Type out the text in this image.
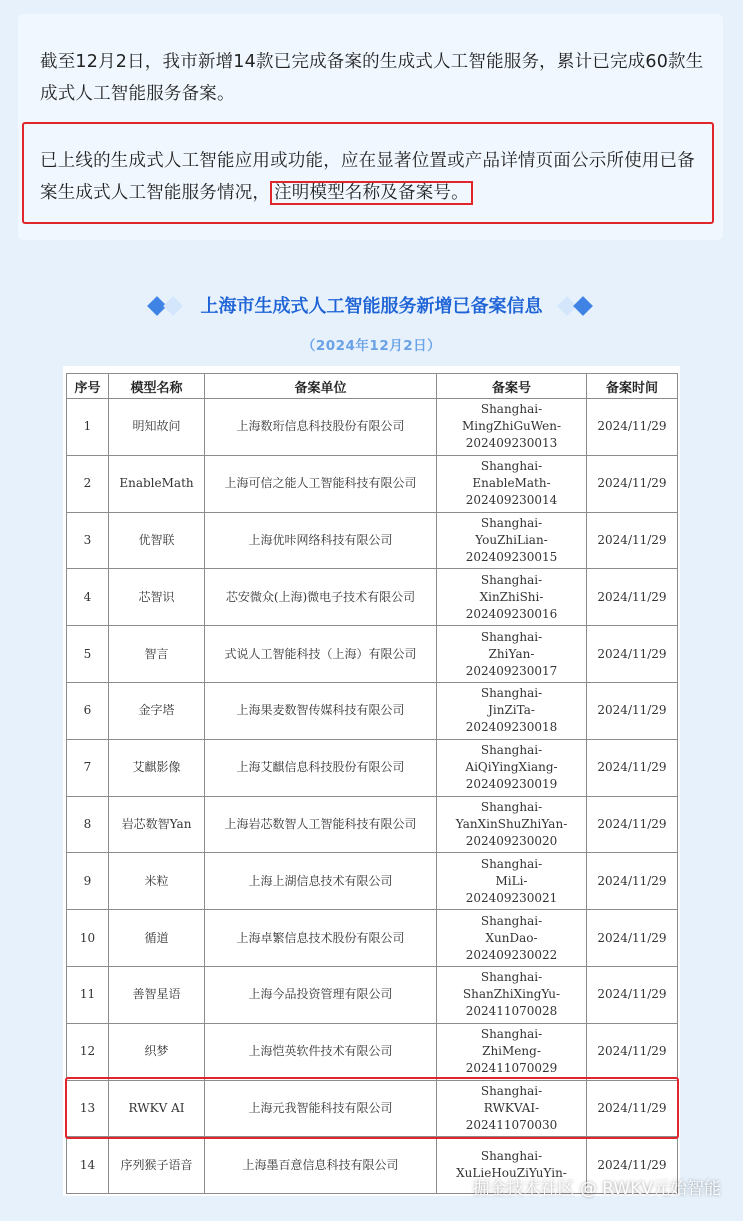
截至12月2日，我市新增14款已完成备案的生成式人工智能服务，累计已完成60款生成式人工智能服务备案。
已上线的生成式人工智能应用或功能，应在显著位置或产品详情页面公示所使用已备案生成式人工智能服务情况， 注明模型名称及备案号。
上海市生成式人工智能服务新增已备案信息
（2024年12月2日）
序号	模型名称	备案单位	备案号	备案时间
1	明知故问	上海数珩信息科技股份有限公司	Shanghai-
MingZhiGuWen-
202409230013	2024/11/29
2	EnableMath	上海可信之能人工智能科技有限公司	Shanghai-
EnableMath-
202409230014	2024/11/29
3	优智联	上海优咔网络科技有限公司	Shanghai-
YouZhiLian-
202409230015	2024/11/29
4	芯智识	芯安微众(上海)微电子技术有限公司	Shanghai-
XinZhiShi-
202409230016	2024/11/29
5	智言	式说人工智能科技（上海）有限公司	Shanghai-
ZhiYan-
202409230017	2024/11/29
6	金字塔	上海果麦数智传媒科技有限公司	Shanghai-
JinZiTa-
202409230018	2024/11/29
7	艾麒影像	上海艾麒信息科技股份有限公司	Shanghai-
AiQiYingXiang-
202409230019	2024/11/29
8	岩芯数智Yan	上海岩芯数智人工智能科技有限公司	Shanghai-
YanXinShuZhiYan-
202409230020	2024/11/29
9	米粒	上海上湖信息技术有限公司	Shanghai-
MiLi-
202409230021	2024/11/29
10	循道	上海卓繁信息技术股份有限公司	Shanghai-
XunDao-
202409230022	2024/11/29
11	善智星语	上海今品投资管理有限公司	Shanghai-
ShanZhiXingYu-
202411070028	2024/11/29
12	织梦	上海恺英软件技术有限公司	Shanghai-
ZhiMeng-
202411070029	2024/11/29
13	RWKV AI	上海元我智能科技有限公司	Shanghai-
RWKVAI-
202411070030	2024/11/29
14	序列猴子语音	上海墨百意信息科技有限公司	Shanghai-
XuLieHouZiYuYin-	2024/11/29
掘金技术社区 @ RWKV元始智能
